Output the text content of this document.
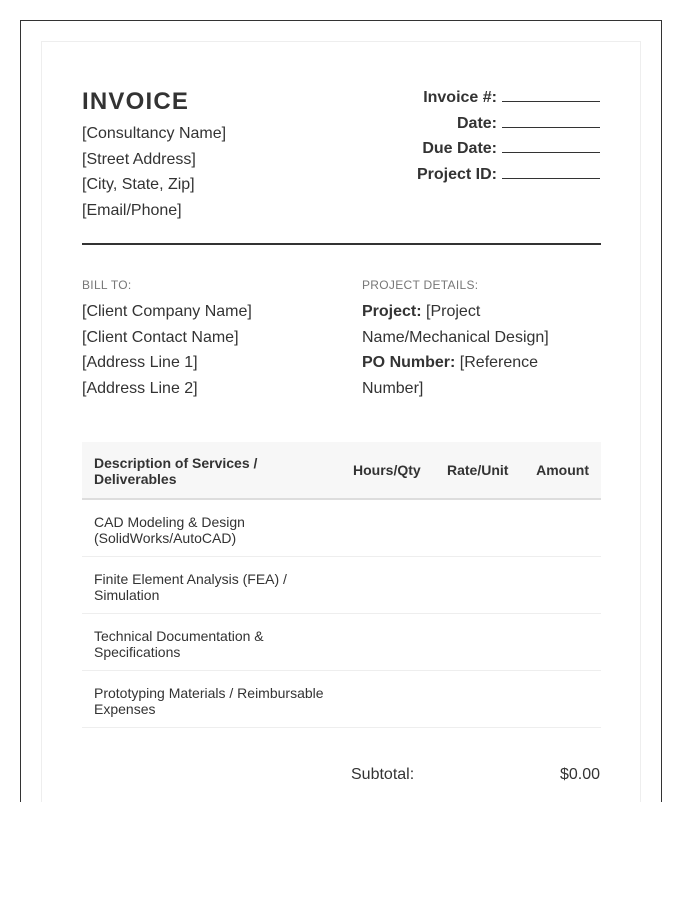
INVOICE
[Consultancy Name]
[Street Address]
[City, State, Zip]
[Email/Phone]
Invoice #:
Date:
Due Date:
Project ID:
BILL TO:	PROJECT DETAILS:
[Client Company Name]
[Client Contact Name]
[Address Line 1]
[Address Line 2]
Project: [Project Name/Mechanical Design]
PO Number: [Reference Number]
Description of Services / Deliverables
Hours/Qty Rate/Unit Amount
CAD Modeling & Design (SolidWorks/AutoCAD)
Finite Element Analysis (FEA) / Simulation
Technical Documentation & Specifications
Prototyping Materials / Reimbursable Expenses
Subtotal:	$0.00
